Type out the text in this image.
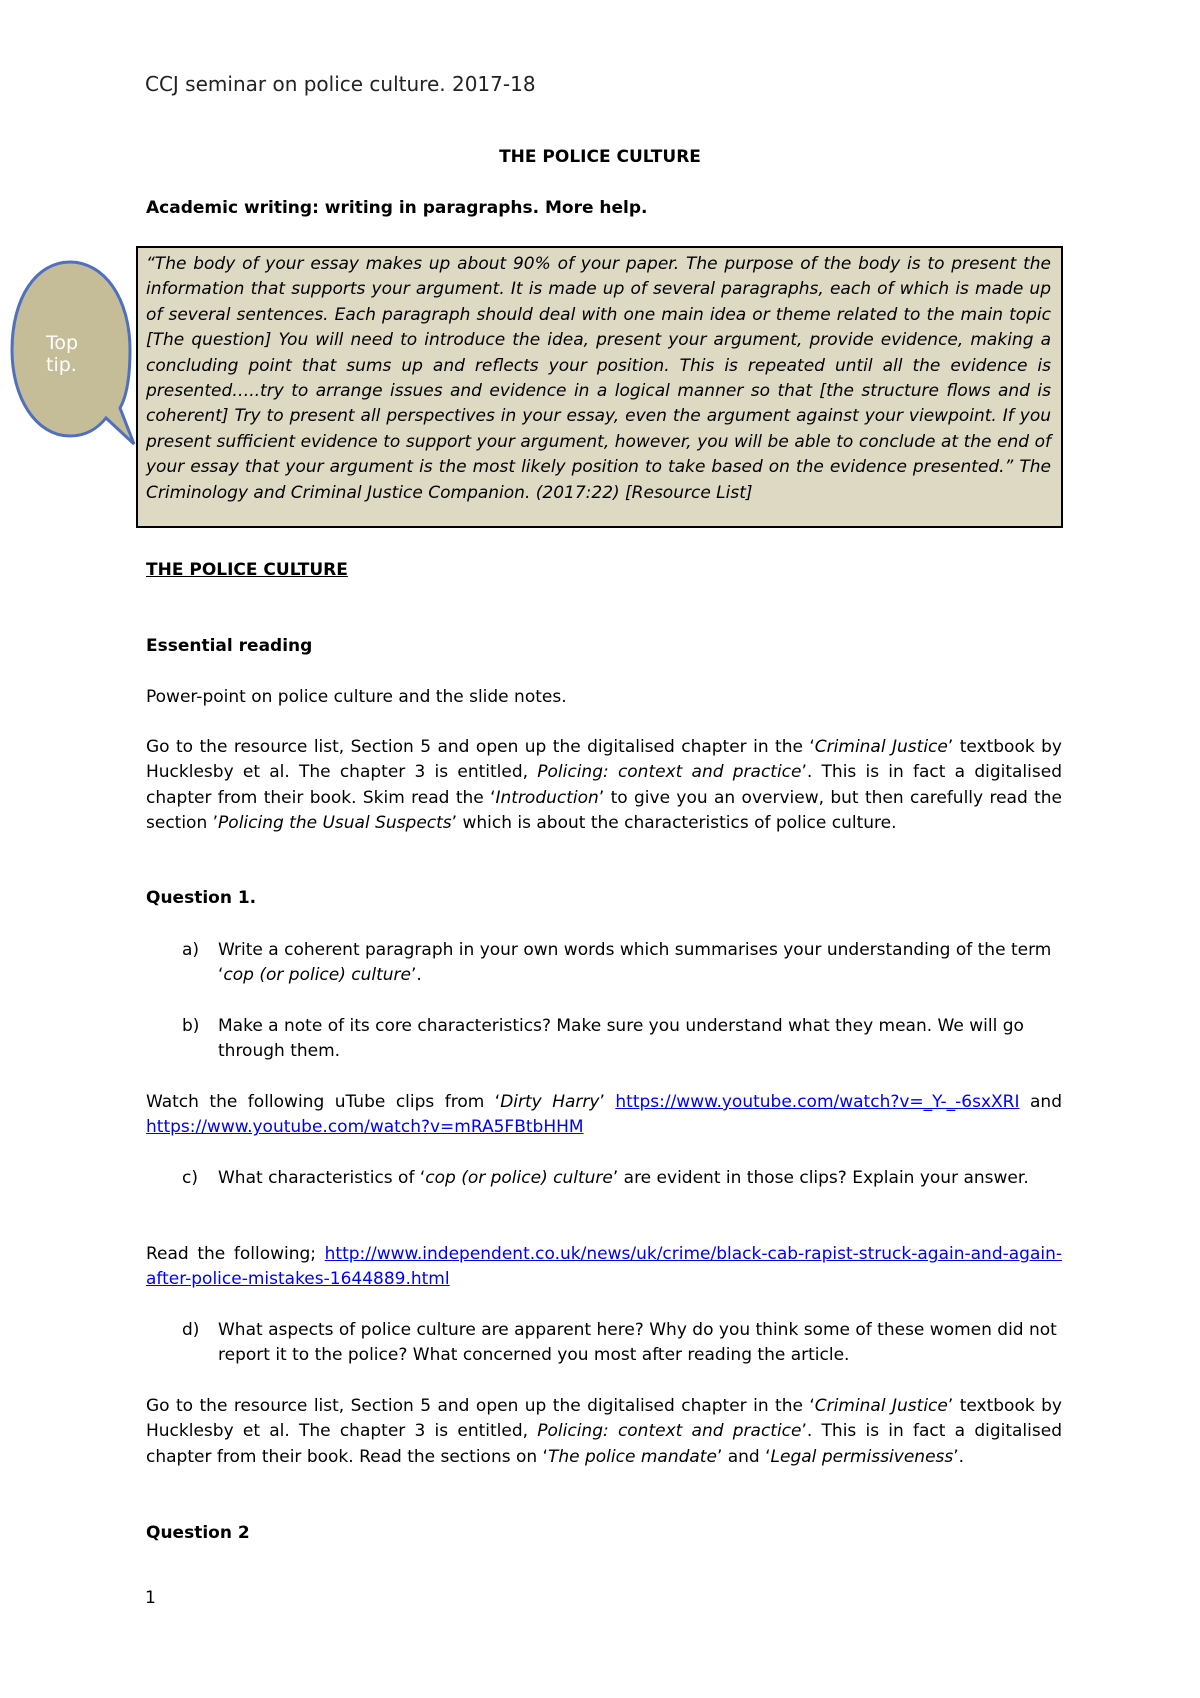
CCJ seminar on police culture. 2017-18
THE POLICE CULTURE
Academic writing: writing in paragraphs. More help.
Top
tip.
“The body of your essay makes up about 90% of your paper. The purpose of the body is to present the information that supports your argument. It is made up of several paragraphs, each of which is made up of several sentences. Each paragraph should deal with one main idea or theme related to the main topic [The question] You will need to introduce the idea, present your argument, provide evidence, making a concluding point that sums up and reflects your position. This is repeated until all the evidence is presented…..try to arrange issues and evidence in a logical manner so that [the structure flows and is coherent] Try to present all perspectives in your essay, even the argument against your viewpoint. If you present sufficient evidence to support your argument, however, you will be able to conclude at the end of your essay that your argument is the most likely position to take based on the evidence presented.” The Criminology and Criminal Justice Companion. (2017:22) [Resource List]
THE POLICE CULTURE
Essential reading
Power-point on police culture and the slide notes.
Go to the resource list, Section 5 and open up the digitalised chapter in the ‘Criminal Justice’ textbook by Hucklesby et al. The chapter 3 is entitled, Policing: context and practice’. This is in fact a digitalised chapter from their book. Skim read the ‘Introduction’ to give you an overview, but then carefully read the section ’Policing the Usual Suspects’ which is about the characteristics of police culture.
Question 1.
a) Write a coherent paragraph in your own words which summarises your understanding of the term ‘cop (or police) culture’.
b) Make a note of its core characteristics? Make sure you understand what they mean. We will go through them.
Watch the following uTube clips from ‘Dirty Harry’ https://www.youtube.com/watch?v=_Y-_-6sxXRI and https://www.youtube.com/watch?v=mRA5FBtbHHM
c) What characteristics of ‘cop (or police) culture’ are evident in those clips? Explain your answer.
Read the following; http://www.independent.co.uk/news/uk/crime/black-cab-rapist-struck-again-and-again-after-police-mistakes-1644889.html
d) What aspects of police culture are apparent here? Why do you think some of these women did not report it to the police? What concerned you most after reading the article.
Go to the resource list, Section 5 and open up the digitalised chapter in the ‘Criminal Justice’ textbook by Hucklesby et al. The chapter 3 is entitled, Policing: context and practice’. This is in fact a digitalised chapter from their book. Read the sections on ‘The police mandate’ and ‘Legal permissiveness’.
Question 2
1
